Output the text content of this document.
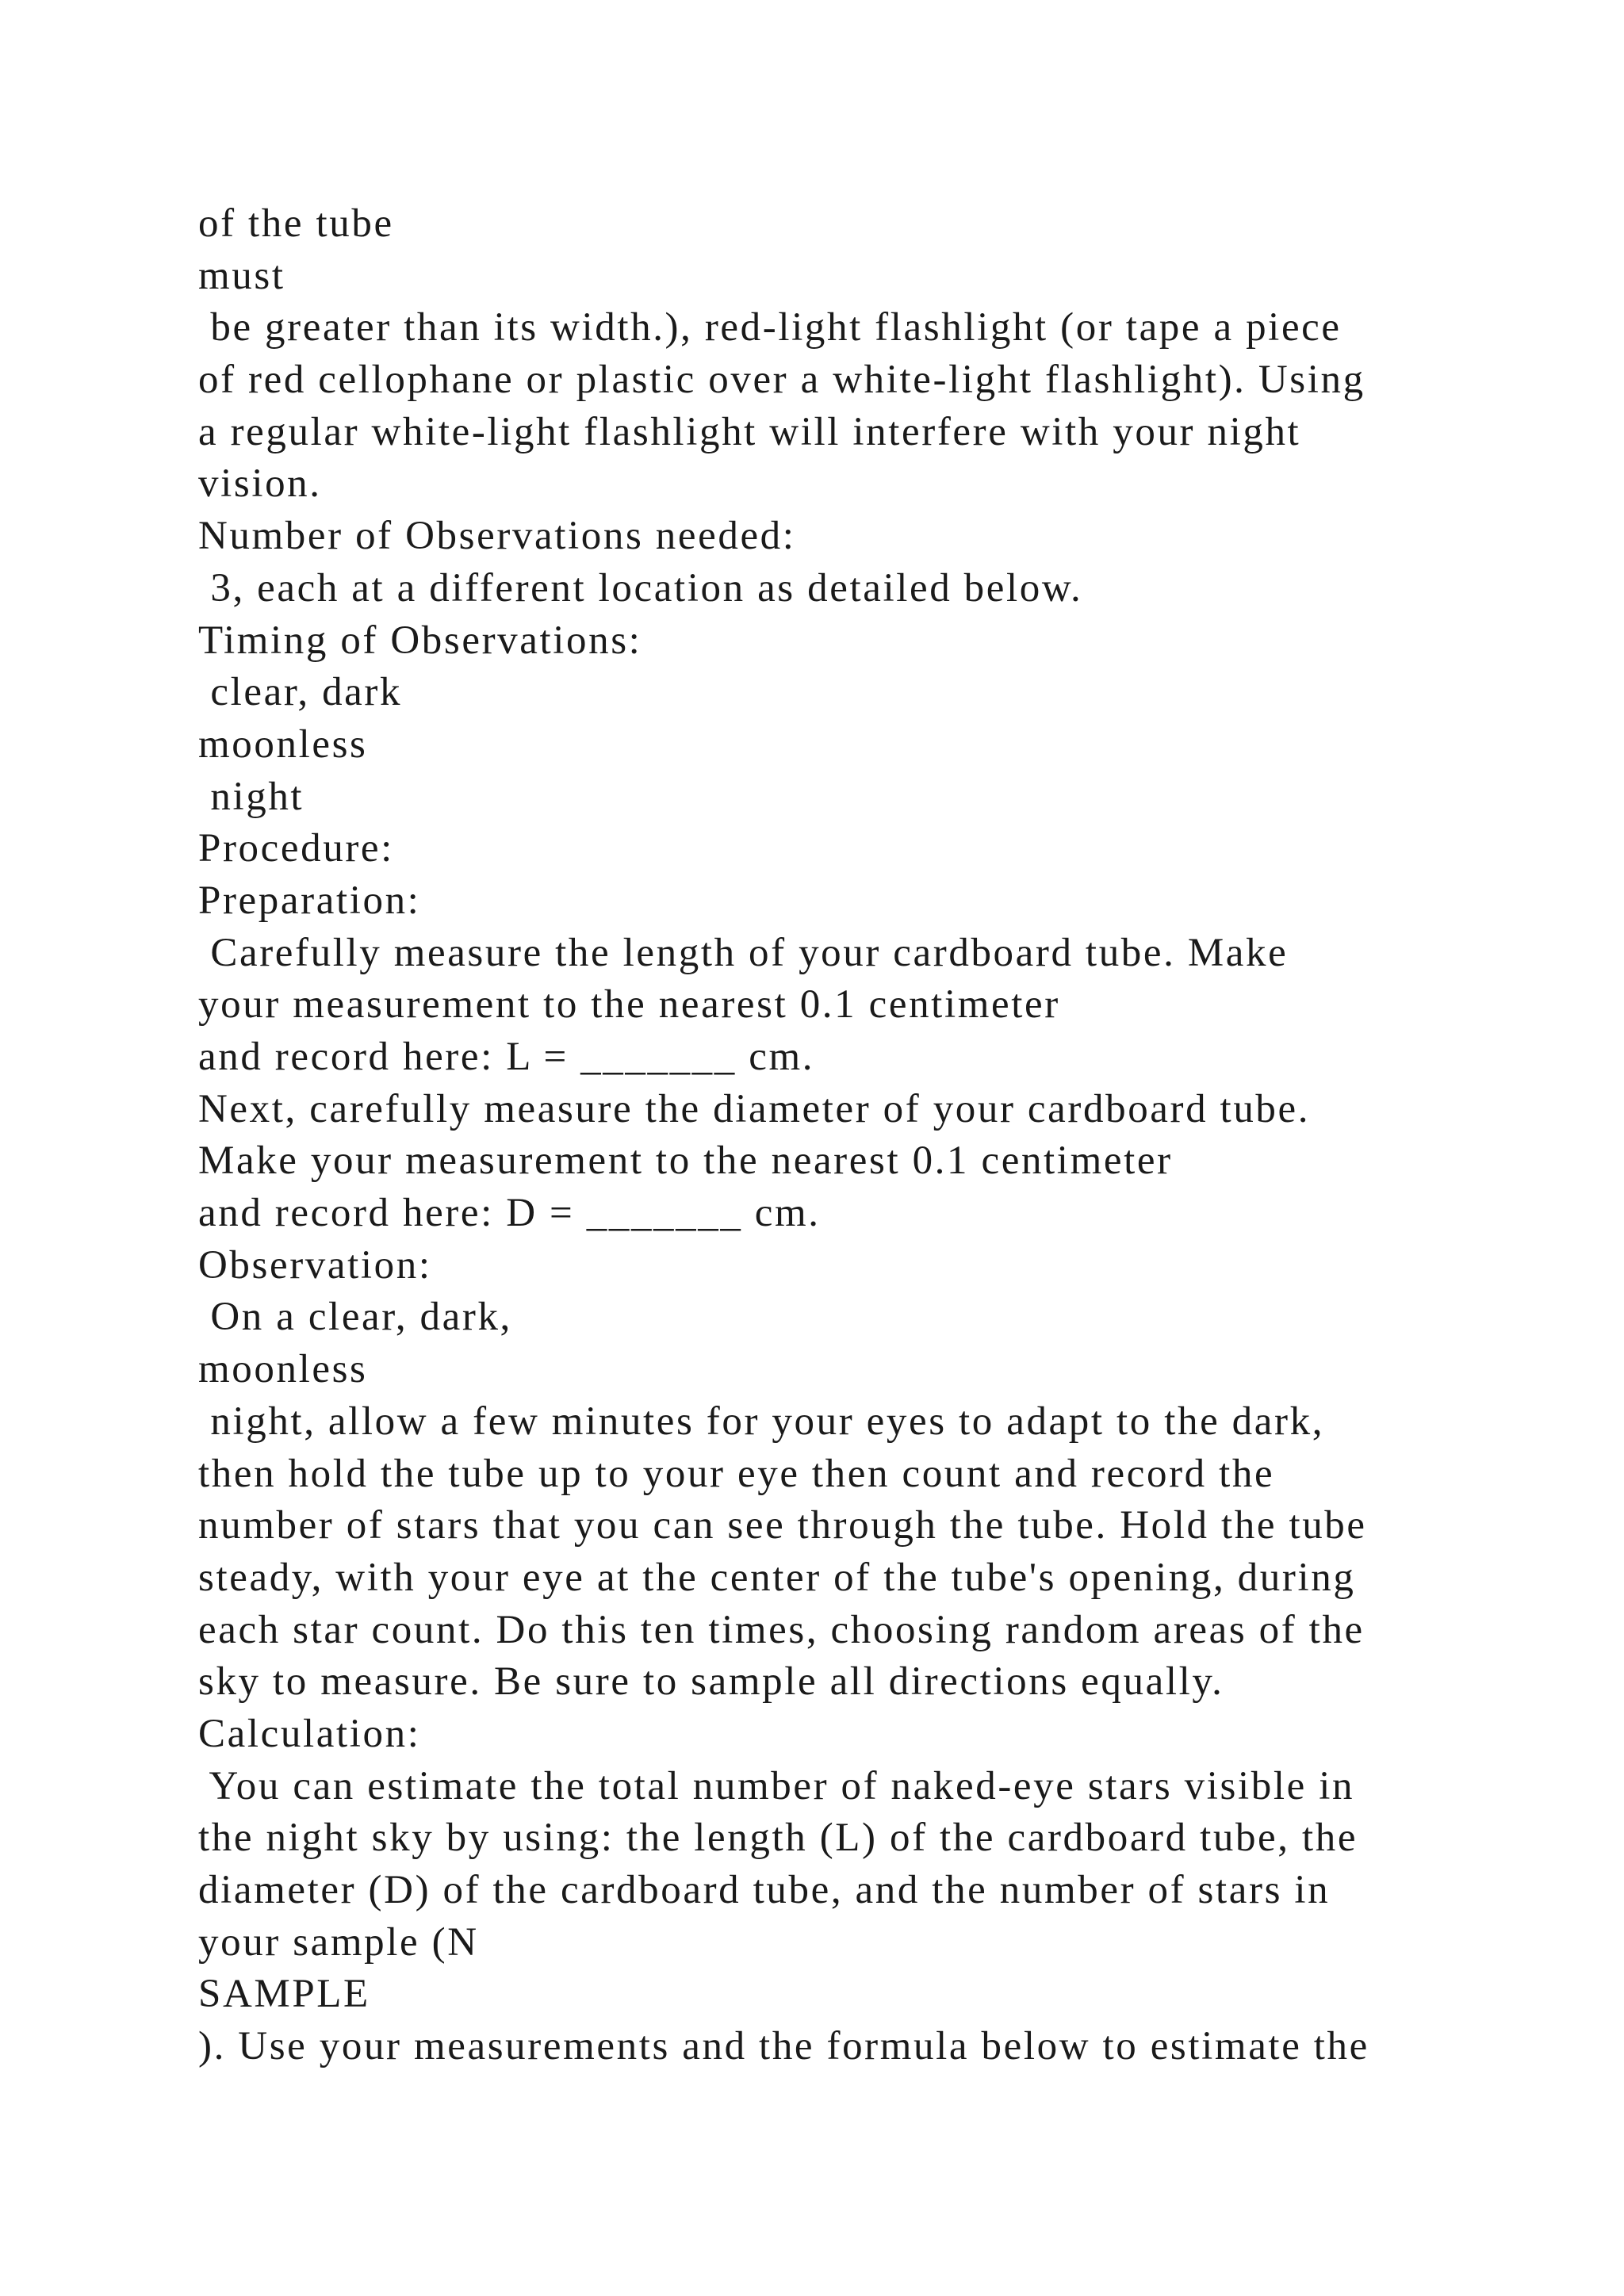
of the tube
must
be greater than its width.), red-light flashlight (or tape a piece
of red cellophane or plastic over a white-light flashlight). Using
a regular white-light flashlight will interfere with your night
vision.
Number of Observations needed:
3, each at a different location as detailed below.
Timing of Observations:
clear, dark
moonless
night
Procedure:
Preparation:
Carefully measure the length of your cardboard tube. Make
your measurement to the nearest 0.1 centimeter
and record here: L = _______ cm.
Next, carefully measure the diameter of your cardboard tube.
Make your measurement to the nearest 0.1 centimeter
and record here: D = _______ cm.
Observation:
On a clear, dark,
moonless
night, allow a few minutes for your eyes to adapt to the dark,
then hold the tube up to your eye then count and record the
number of stars that you can see through the tube. Hold the tube
steady, with your eye at the center of the tube's opening, during
each star count. Do this ten times, choosing random areas of the
sky to measure. Be sure to sample all directions equally.
Calculation:
You can estimate the total number of naked-eye stars visible in
the night sky by using: the length (L) of the cardboard tube, the
diameter (D) of the cardboard tube, and the number of stars in
your sample (N
SAMPLE
). Use your measurements and the formula below to estimate the
